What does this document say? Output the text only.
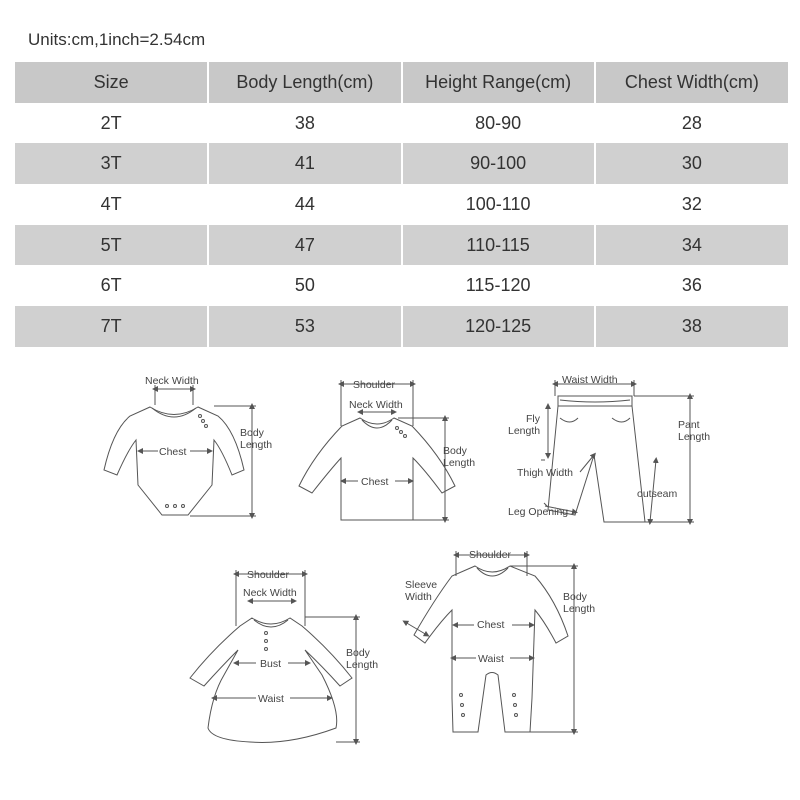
Units:cm,1inch=2.54cm
Size	Body Length(cm)	Height Range(cm)	Chest Width(cm)
2T	38	80-90	28
3T	41	90-100	30
4T	44	100-110	32
5T	47	110-115	34
6T	50	115-120	36
7T	53	120-125	38
Neck Width
Chest
Body
Length
Shoulder
Neck Width
Chest
Body
Length
Waist Width
Fly
Length	Pant
Length
Thigh Width
outseam
Leg Opening
Shoulder
Neck Width
Bust
Waist
Body
Length
Shoulder
Sleeve
Width
Chest
Waist
Body
Length
